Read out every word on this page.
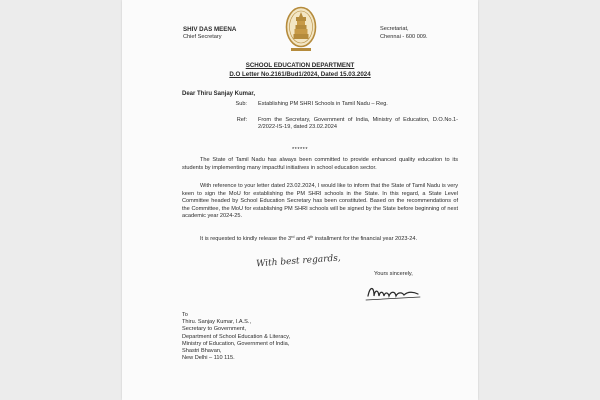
SHIV DAS MEENA
Chief Secretary
Secretariat,
Chennai - 600 009.
SCHOOL EDUCATION DEPARTMENT
D.O Letter No.2161/Bud1/2024, Dated 15.03.2024
Dear Thiru Sanjay Kumar,
Sub: Establishing PM SHRI Schools in Tamil Nadu – Reg.
Ref: From the Secretary, Government of India, Ministry of Education, D.O.No.1-2/2022-IS-19, dated 23.02.2024
******
The State of Tamil Nadu has always been committed to provide enhanced quality education to its students by implementing many impactful initiatives in school education sector.
With reference to your letter dated 23.02.2024, I would like to inform that the State of Tamil Nadu is very keen to sign the MoU for establishing the PM SHRI schools in the State. In this regard, a State Level Committee headed by School Education Secretary has been constituted. Based on the recommendations of the Committee, the MoU for establishing PM SHRI schools will be signed by the State before beginning of next academic year 2024-25.
It is requested to kindly release the 3rd and 4th installment for the financial year 2023-24.
With best regards,
Yours sincerely,
To
Thiru. Sanjay Kumar, I.A.S.,
Secretary to Government,
Department of School Education & Literacy,
Ministry of Education, Government of India,
Shastri Bhavan,
New Delhi – 110 115.
